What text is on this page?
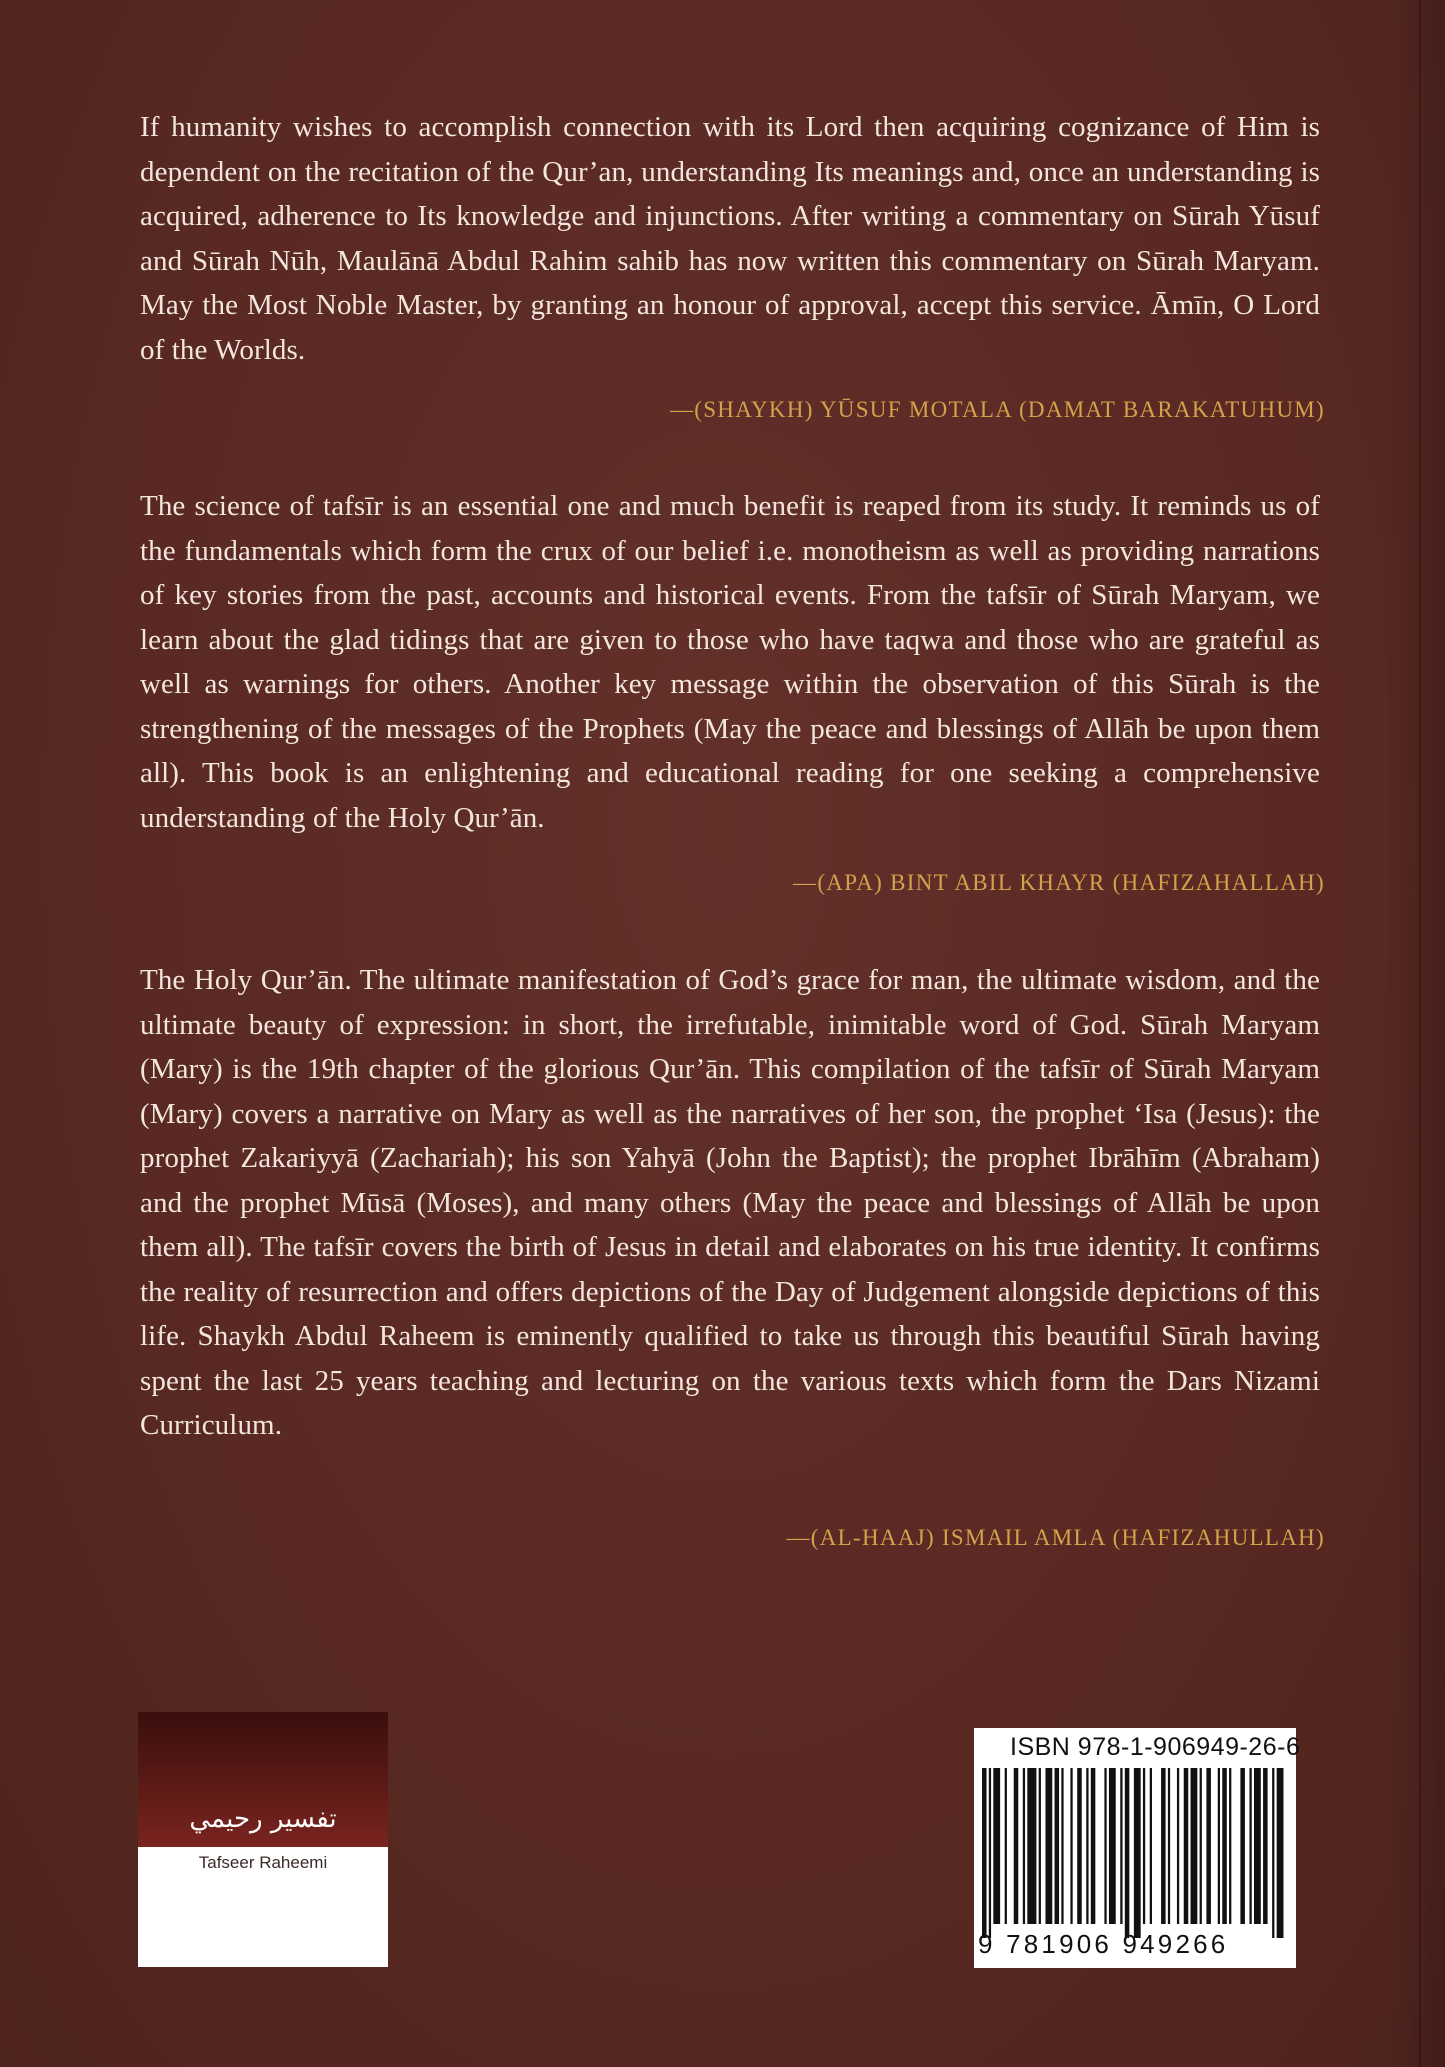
If humanity wishes to accomplish connection with its Lord then acquiring cognizance of Him is dependent on the recitation of the Qur’an, understanding Its meanings and, once an understanding is acquired, adherence to Its knowledge and injunctions. After writing a commentary on Sūrah Yūsuf and Sūrah Nūh, Maulānā Abdul Rahim sahib has now written this commentary on Sūrah Maryam. May the Most Noble Master, by granting an honour of approval, accept this service. Āmīn, O Lord of the Worlds.

—(SHAYKH) YŪSUF MOTALA (DAMAT BARAKATUHUM)

The science of tafsīr is an essential one and much benefit is reaped from its study. It reminds us of the fundamentals which form the crux of our belief i.e. monotheism as well as providing narrations of key stories from the past, accounts and historical events. From the tafsīr of Sūrah Maryam, we learn about the glad tidings that are given to those who have taqwa and those who are grateful as well as warnings for others. Another key message within the observation of this Sūrah is the strengthening of the messages of the Prophets (May the peace and blessings of Allāh be upon them all). This book is an enlightening and educational reading for one seeking a comprehensive understanding of the Holy Qur’ān.

—(APA) BINT ABIL KHAYR (HAFIZAHALLAH)

The Holy Qur’ān. The ultimate manifestation of God’s grace for man, the ultimate wisdom, and the ultimate beauty of expression: in short, the irrefutable, inimitable word of God. Sūrah Maryam (Mary) is the 19th chapter of the glorious Qur’ān. This compilation of the tafsīr of Sūrah Maryam (Mary) covers a narrative on Mary as well as the narratives of her son, the prophet ‘Isa (Jesus): the prophet Zakariyyā (Zachariah); his son Yahyā (John the Baptist); the prophet Ibrāhīm (Abraham) and the prophet Mūsā (Moses), and many others (May the peace and blessings of Allāh be upon them all). The tafsīr covers the birth of Jesus in detail and elaborates on his true identity. It confirms the reality of resurrection and offers depictions of the Day of Judgement alongside depictions of this life. Shaykh Abdul Raheem is eminently qualified to take us through this beautiful Sūrah having spent the last 25 years teaching and lecturing on the various texts which form the Dars Nizami Curriculum.

—(AL-HAAJ) ISMAIL AMLA (HAFIZAHULLAH)
تفسير رحيمي
Tafseer Raheemi
ISBN 978-1-906949-26-6
9 781906 949266
